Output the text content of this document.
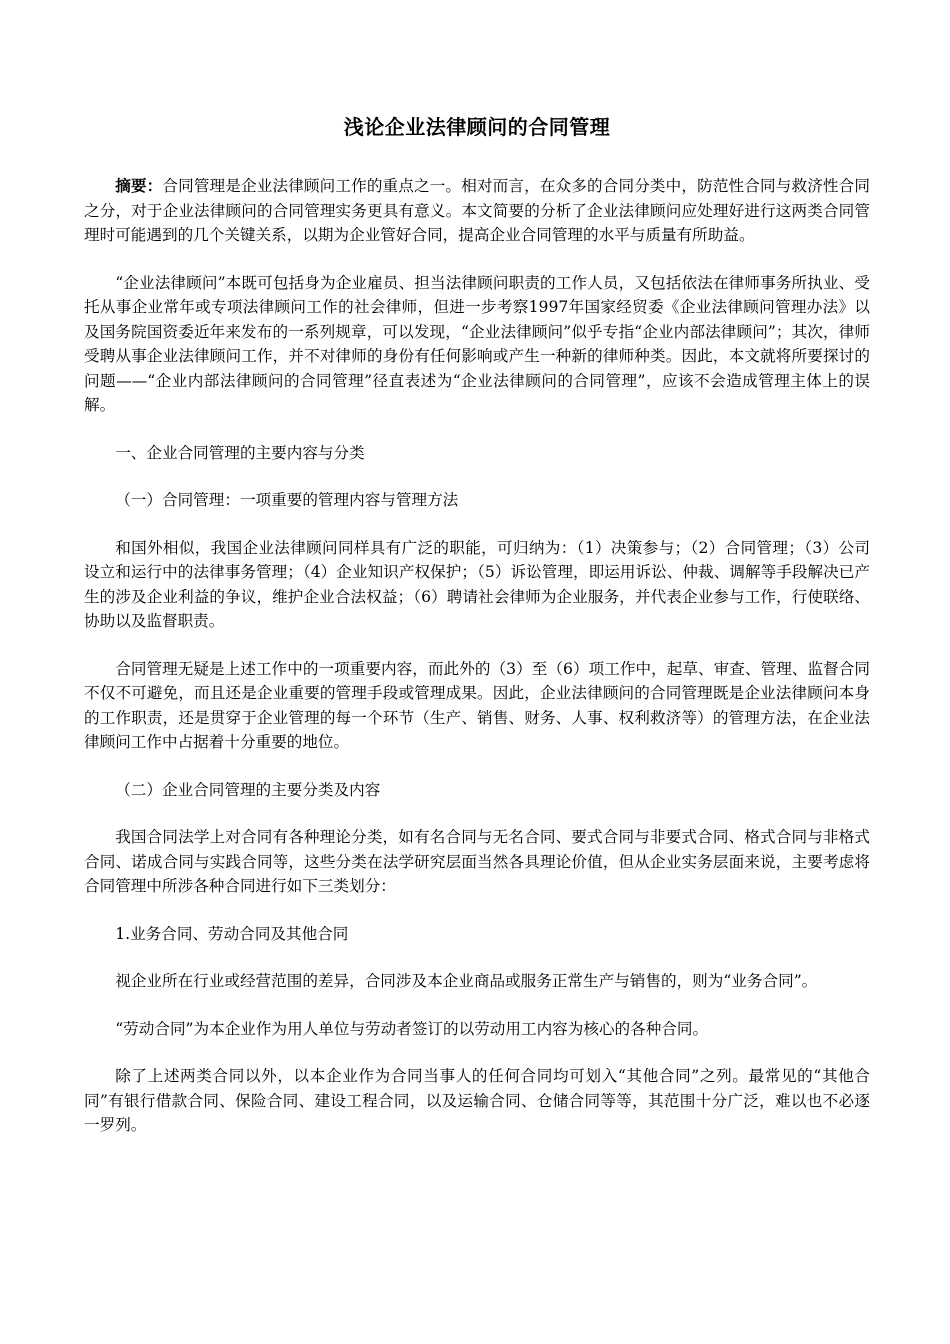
浅论企业法律顾问的合同管理

摘要：合同管理是企业法律顾问工作的重点之一。相对而言，在众多的合同分类中，防范性合同与救济性合同之分，对于企业法律顾问的合同管理实务更具有意义。本文简要的分析了企业法律顾问应处理好进行这两类合同管理时可能遇到的几个关键关系，以期为企业管好合同，提高企业合同管理的水平与质量有所助益。

“企业法律顾问”本既可包括身为企业雇员、担当法律顾问职责的工作人员，又包括依法在律师事务所执业、受托从事企业常年或专项法律顾问工作的社会律师，但进一步考察1997年国家经贸委《企业法律顾问管理办法》以及国务院国资委近年来发布的一系列规章，可以发现，“企业法律顾问”似乎专指“企业内部法律顾问”；其次，律师受聘从事企业法律顾问工作，并不对律师的身份有任何影响或产生一种新的律师种类。因此，本文就将所要探讨的问题——“企业内部法律顾问的合同管理”径直表述为“企业法律顾问的合同管理”，应该不会造成管理主体上的误解。

一、企业合同管理的主要内容与分类

（一）合同管理：一项重要的管理内容与管理方法

和国外相似，我国企业法律顾问同样具有广泛的职能，可归纳为：（1）决策参与；（2）合同管理；（3）公司设立和运行中的法律事务管理；（4）企业知识产权保护；（5）诉讼管理，即运用诉讼、仲裁、调解等手段解决已产生的涉及企业利益的争议，维护企业合法权益；（6）聘请社会律师为企业服务，并代表企业参与工作，行使联络、协助以及监督职责。

合同管理无疑是上述工作中的一项重要内容，而此外的（3）至（6）项工作中，起草、审查、管理、监督合同不仅不可避免，而且还是企业重要的管理手段或管理成果。因此，企业法律顾问的合同管理既是企业法律顾问本身的工作职责，还是贯穿于企业管理的每一个环节（生产、销售、财务、人事、权利救济等）的管理方法，在企业法律顾问工作中占据着十分重要的地位。

（二）企业合同管理的主要分类及内容

我国合同法学上对合同有各种理论分类，如有名合同与无名合同、要式合同与非要式合同、格式合同与非格式合同、诺成合同与实践合同等，这些分类在法学研究层面当然各具理论价值，但从企业实务层面来说，主要考虑将合同管理中所涉各种合同进行如下三类划分：

1.业务合同、劳动合同及其他合同

视企业所在行业或经营范围的差异，合同涉及本企业商品或服务正常生产与销售的，则为“业务合同”。

“劳动合同”为本企业作为用人单位与劳动者签订的以劳动用工内容为核心的各种合同。

除了上述两类合同以外，以本企业作为合同当事人的任何合同均可划入“其他合同”之列。最常见的“其他合同”有银行借款合同、保险合同、建设工程合同，以及运输合同、仓储合同等等，其范围十分广泛，难以也不必逐一罗列。
